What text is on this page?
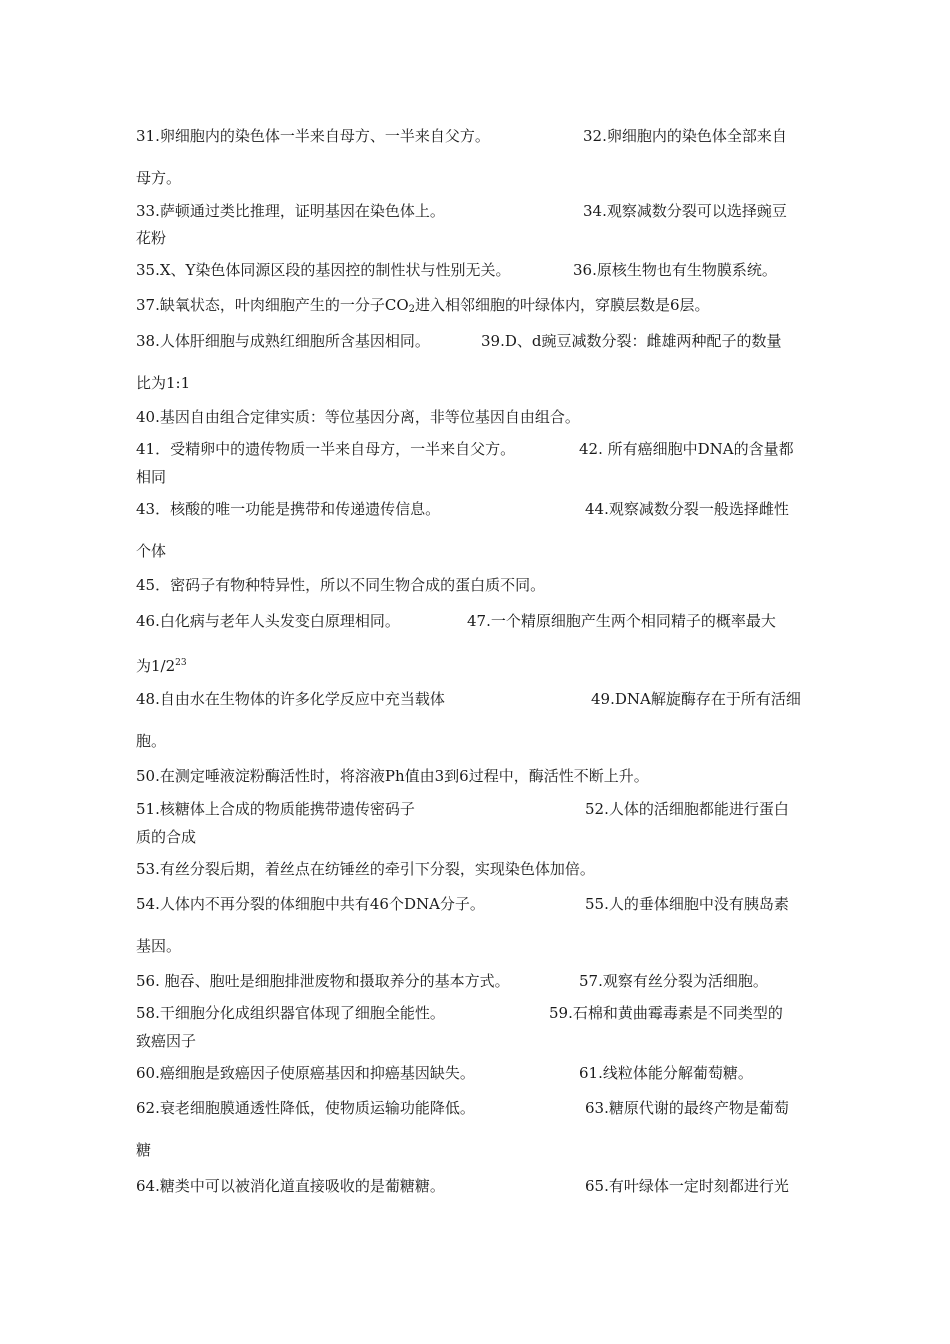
31.卵细胞内的染色体一半来自母方、一半来自父方。	32.卵细胞内的染色体全部来自
母方。
33.萨顿通过类比推理，证明基因在染色体上。	34.观察减数分裂可以选择豌豆
花粉
35.X、Y染色体同源区段的基因控的制性状与性别无关。	36.原核生物也有生物膜系统。
37.缺氧状态，叶肉细胞产生的一分子$CO_2$进入相邻细胞的叶绿体内，穿膜层数是6层。
38.人体肝细胞与成熟红细胞所含基因相同。	39.D、d豌豆减数分裂：雌雄两种配子的数量
比为1:1
40.基因自由组合定律实质：等位基因分离，非等位基因自由组合。
41．受精卵中的遗传物质一半来自母方，一半来自父方。	42. 所有癌细胞中DNA的含量都
相同
43．核酸的唯一功能是携带和传递遗传信息。	44.观察减数分裂一般选择雌性
个体
45．密码子有物种特异性，所以不同生物合成的蛋白质不同。
46.白化病与老年人头发变白原理相同。	47.一个精原细胞产生两个相同精子的概率最大
为$1/2^{23}$
48.自由水在生物体的许多化学反应中充当载体	49.DNA解旋酶存在于所有活细
胞。
50.在测定唾液淀粉酶活性时，将溶液Ph值由3到6过程中，酶活性不断上升。
51.核糖体上合成的物质能携带遗传密码子	52.人体的活细胞都能进行蛋白
质的合成
53.有丝分裂后期，着丝点在纺锤丝的牵引下分裂，实现染色体加倍。
54.人体内不再分裂的体细胞中共有46个DNA分子。	55.人的垂体细胞中没有胰岛素
基因。
56. 胞吞、胞吐是细胞排泄废物和摄取养分的基本方式。	57.观察有丝分裂为活细胞。
58.干细胞分化成组织器官体现了细胞全能性。	59.石棉和黄曲霉毒素是不同类型的
致癌因子
60.癌细胞是致癌因子使原癌基因和抑癌基因缺失。	61.线粒体能分解葡萄糖。
62.衰老细胞膜通透性降低，使物质运输功能降低。	63.糖原代谢的最终产物是葡萄
糖
64.糖类中可以被消化道直接吸收的是葡糖糖。	65.有叶绿体一定时刻都进行光
